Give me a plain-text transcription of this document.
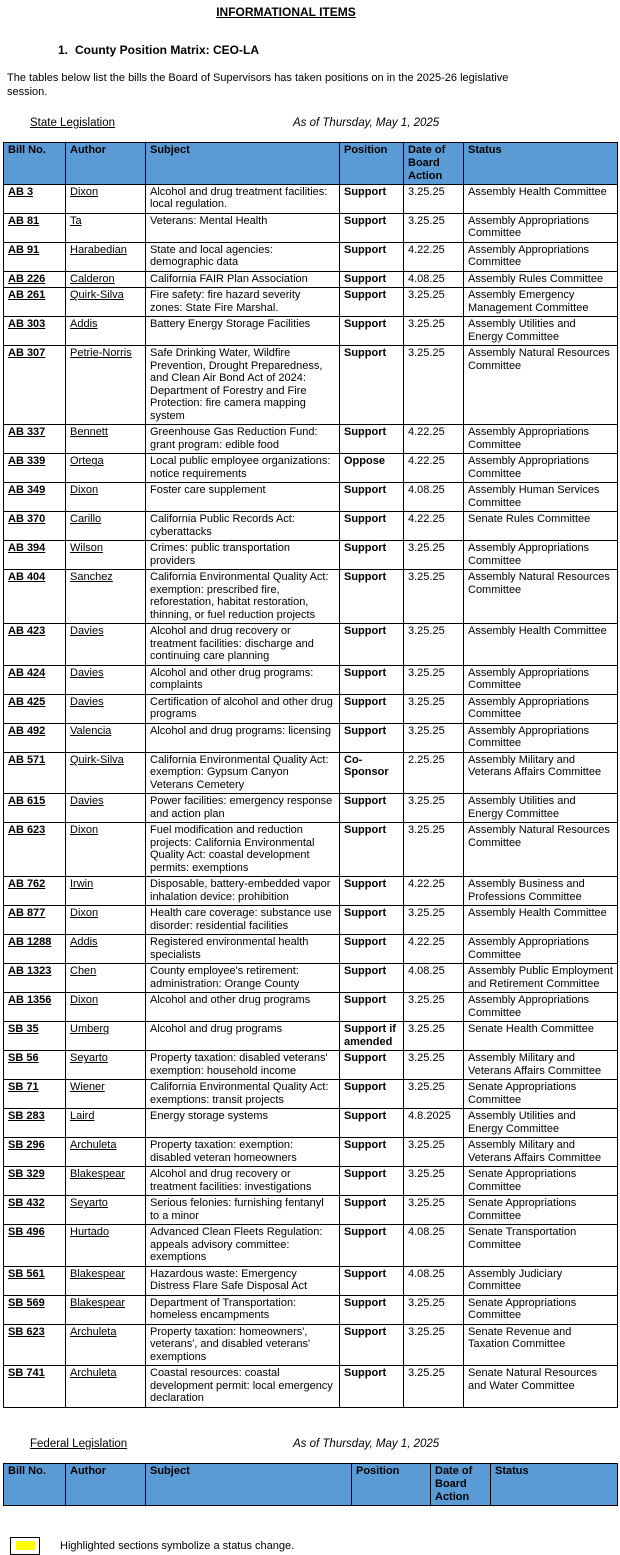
INFORMATIONAL ITEMS
1. County Position Matrix: CEO-LA

The tables below list the bills the Board of Supervisors has taken positions on in the 2025-26 legislative session.

State Legislation	As of Thursday, May 1, 2025
Bill No.	Author	Subject	Position	Date of Board Action	Status
AB 3	Dixon	Alcohol and drug treatment facilities: local regulation.	Support	3.25.25	Assembly Health Committee
AB 81	Ta	Veterans: Mental Health	Support	3.25.25	Assembly Appropriations Committee
AB 91	Harabedian	State and local agencies: demographic data	Support	4.22.25	Assembly Appropriations Committee
AB 226	Calderon	California FAIR Plan Association	Support	4.08.25	Assembly Rules Committee
AB 261	Quirk-Silva	Fire safety: fire hazard severity zones: State Fire Marshal.	Support	3.25.25	Assembly Emergency Management Committee
AB 303	Addis	Battery Energy Storage Facilities	Support	3.25.25	Assembly Utilities and Energy Committee
AB 307	Petrie-Norris	Safe Drinking Water, Wildfire Prevention, Drought Preparedness, and Clean Air Bond Act of 2024: Department of Forestry and Fire Protection: fire camera mapping system	Support	3.25.25	Assembly Natural Resources Committee
AB 337	Bennett	Greenhouse Gas Reduction Fund: grant program: edible food	Support	4.22.25	Assembly Appropriations Committee
AB 339	Ortega	Local public employee organizations: notice requirements	Oppose	4.22.25	Assembly Appropriations Committee
AB 349	Dixon	Foster care supplement	Support	4.08.25	Assembly Human Services Committee
AB 370	Carillo	California Public Records Act: cyberattacks	Support	4.22.25	Senate Rules Committee
AB 394	Wilson	Crimes: public transportation providers	Support	3.25.25	Assembly Appropriations Committee
AB 404	Sanchez	California Environmental Quality Act: exemption: prescribed fire, reforestation, habitat restoration, thinning, or fuel reduction projects	Support	3.25.25	Assembly Natural Resources Committee
AB 423	Davies	Alcohol and drug recovery or treatment facilities: discharge and continuing care planning	Support	3.25.25	Assembly Health Committee
AB 424	Davies	Alcohol and other drug programs: complaints	Support	3.25.25	Assembly Appropriations Committee
AB 425	Davies	Certification of alcohol and other drug programs	Support	3.25.25	Assembly Appropriations Committee
AB 492	Valencia	Alcohol and drug programs: licensing	Support	3.25.25	Assembly Appropriations Committee
AB 571	Quirk-Silva	California Environmental Quality Act: exemption: Gypsum Canyon Veterans Cemetery	Co-Sponsor	2.25.25	Assembly Military and Veterans Affairs Committee
AB 615	Davies	Power facilities: emergency response and action plan	Support	3.25.25	Assembly Utilities and Energy Committee
AB 623	Dixon	Fuel modification and reduction projects: California Environmental Quality Act: coastal development permits: exemptions	Support	3.25.25	Assembly Natural Resources Committee
AB 762	Irwin	Disposable, battery-embedded vapor inhalation device: prohibition	Support	4.22.25	Assembly Business and Professions Committee
AB 877	Dixon	Health care coverage: substance use disorder: residential facilities	Support	3.25.25	Assembly Health Committee
AB 1288	Addis	Registered environmental health specialists	Support	4.22.25	Assembly Appropriations Committee
AB 1323	Chen	County employee's retirement: administration: Orange County	Support	4.08.25	Assembly Public Employment and Retirement Committee
AB 1356	Dixon	Alcohol and other drug programs	Support	3.25.25	Assembly Appropriations Committee
SB 35	Umberg	Alcohol and drug programs	Support if amended	3.25.25	Senate Health Committee
SB 56	Seyarto	Property taxation: disabled veterans' exemption: household income	Support	3.25.25	Assembly Military and Veterans Affairs Committee
SB 71	Wiener	California Environmental Quality Act: exemptions: transit projects	Support	3.25.25	Senate Appropriations Committee
SB 283	Laird	Energy storage systems	Support	4.8.2025	Assembly Utilities and Energy Committee
SB 296	Archuleta	Property taxation: exemption: disabled veteran homeowners	Support	3.25.25	Assembly Military and Veterans Affairs Committee
SB 329	Blakespear	Alcohol and drug recovery or treatment facilities: investigations	Support	3.25.25	Senate Appropriations Committee
SB 432	Seyarto	Serious felonies: furnishing fentanyl to a minor	Support	3.25.25	Senate Appropriations Committee
SB 496	Hurtado	Advanced Clean Fleets Regulation: appeals advisory committee: exemptions	Support	4.08.25	Senate Transportation Committee
SB 561	Blakespear	Hazardous waste: Emergency Distress Flare Safe Disposal Act	Support	4.08.25	Assembly Judiciary Committee
SB 569	Blakespear	Department of Transportation: homeless encampments	Support	3.25.25	Senate Appropriations Committee
SB 623	Archuleta	Property taxation: homeowners', veterans', and disabled veterans' exemptions	Support	3.25.25	Senate Revenue and Taxation Committee
SB 741	Archuleta	Coastal resources: coastal development permit: local emergency declaration	Support	3.25.25	Senate Natural Resources and Water Committee
Federal Legislation	As of Thursday, May 1, 2025
Bill No.	Author	Subject	Position	Date of Board Action	Status
Highlighted sections symbolize a status change.
